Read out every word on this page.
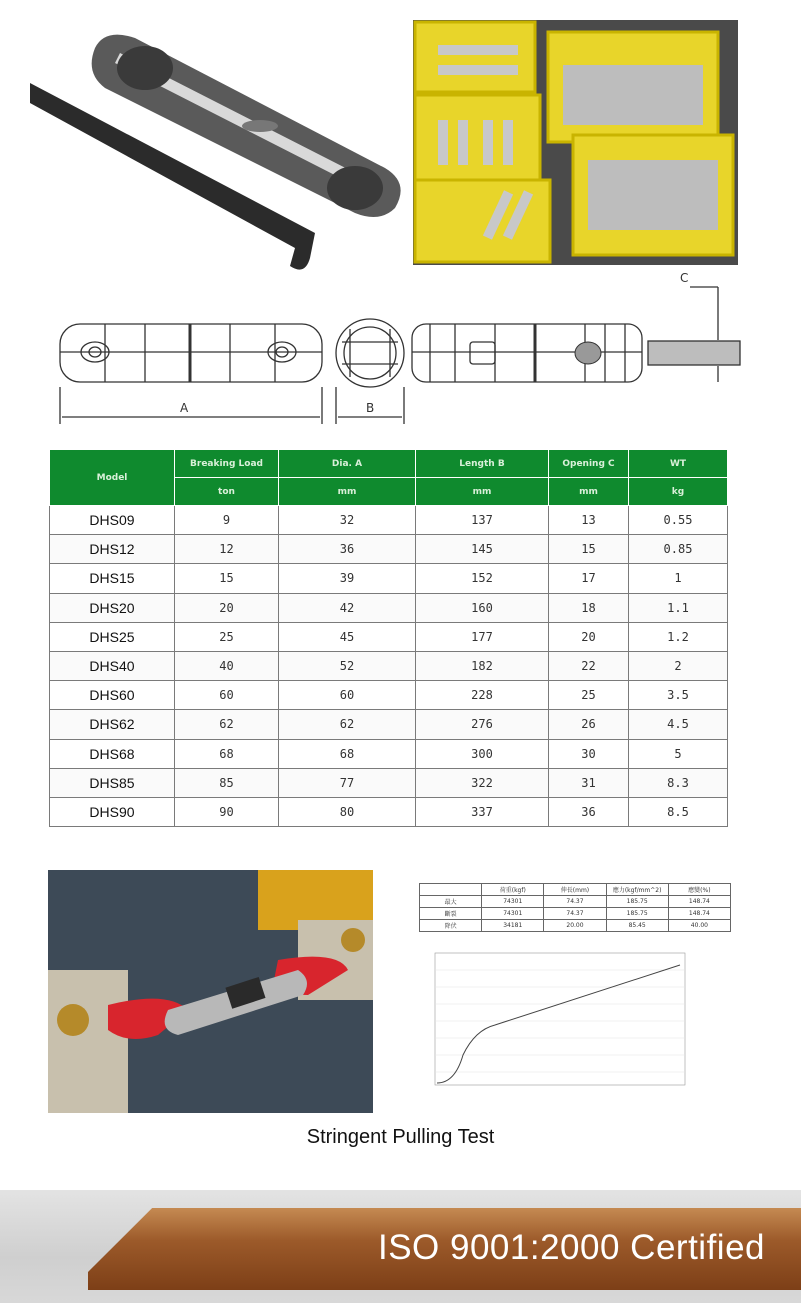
A	B
C
Model	Breaking Load	Dia. A	Length B	Opening C	WT
	ton	mm	mm	mm	kg
DHS09	9	32	137	13	0.55
DHS12	12	36	145	15	0.85
DHS15	15	39	152	17	1
DHS20	20	42	160	18	1.1
DHS25	25	45	177	20	1.2
DHS40	40	52	182	22	2
DHS60	60	60	228	25	3.5
DHS62	62	62	276	26	4.5
DHS68	68	68	300	30	5
DHS85	85	77	322	31	8.3
DHS90	90	80	337	36	8.5
	荷重(kgf)	伸長(mm)	應力(kgf/mm^2)	應變(%)
最大	74301	74.37	185.75	148.74
斷裂	74301	74.37	185.75	148.74
降伏	34181	20.00	85.45	40.00
Stringent Pulling Test
ISO 9001:2000 Certified
